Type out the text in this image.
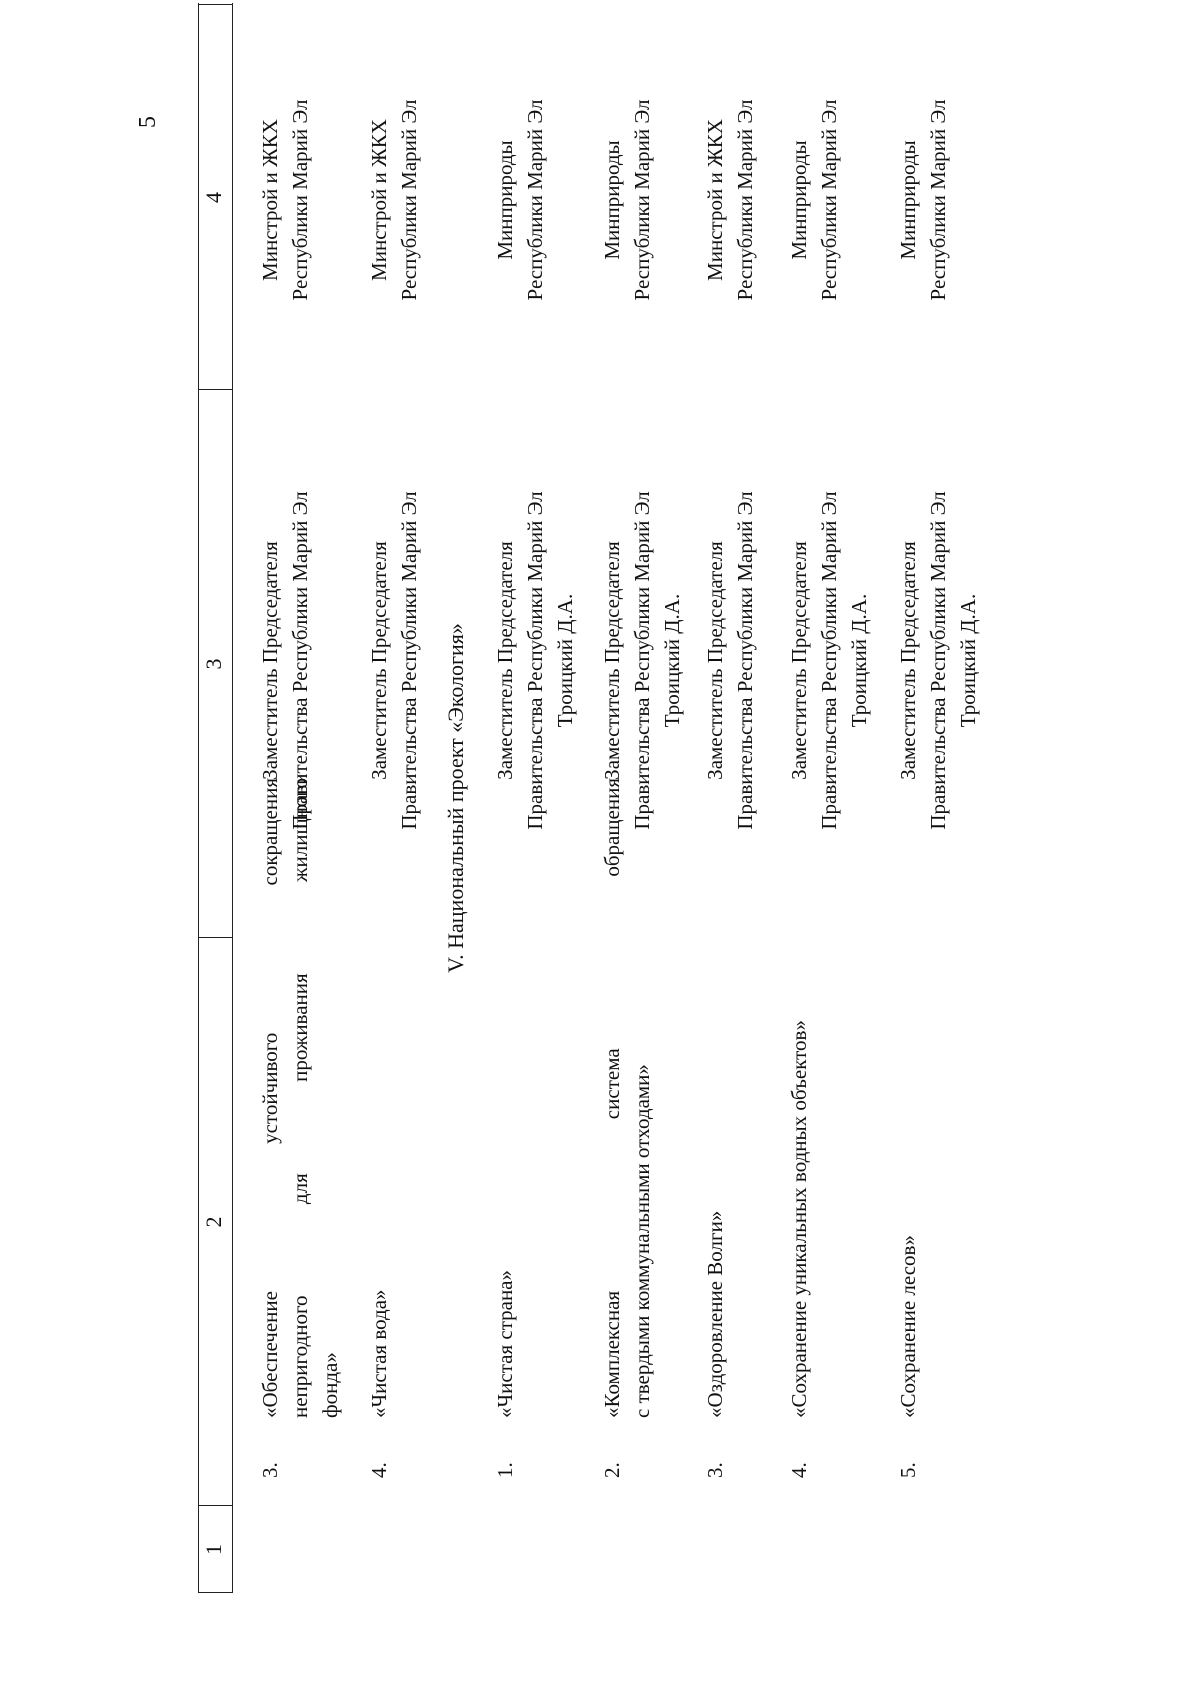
5
1
2
3
4
3.
«Обеспечение устойчивого сокращения непригодного для проживания жилищного фонда»
Заместитель Председателя Правительства Республики Марий Эл
Минстрой и ЖКХ Республики Марий Эл
4.«Чистая вода»
Заместитель Председателя Правительства Республики Марий Эл
Минстрой и ЖКХ Республики Марий Эл
V. Национальный проект «Экология»
1.«Чистая страна»
Заместитель Председателя Правительства Республики Марий Эл Троицкий Д.А.
Минприроды Республики Марий Эл
2.
«Комплексная система обращения с твердыми коммунальными отходами»
Заместитель Председателя Правительства Республики Марий Эл Троицкий Д.А.
Минприроды Республики Марий Эл
3.«Оздоровление Волги»
Заместитель Председателя Правительства Республики Марий Эл
Минстрой и ЖКХ Республики Марий Эл
4.«Сохранение уникальных водных объектов»
Заместитель Председателя Правительства Республики Марий Эл Троицкий Д.А.
Минприроды Республики Марий Эл
5.«Сохранение лесов»
Заместитель Председателя Правительства Республики Марий Эл Троицкий Д.А.
Минприроды Республики Марий Эл
